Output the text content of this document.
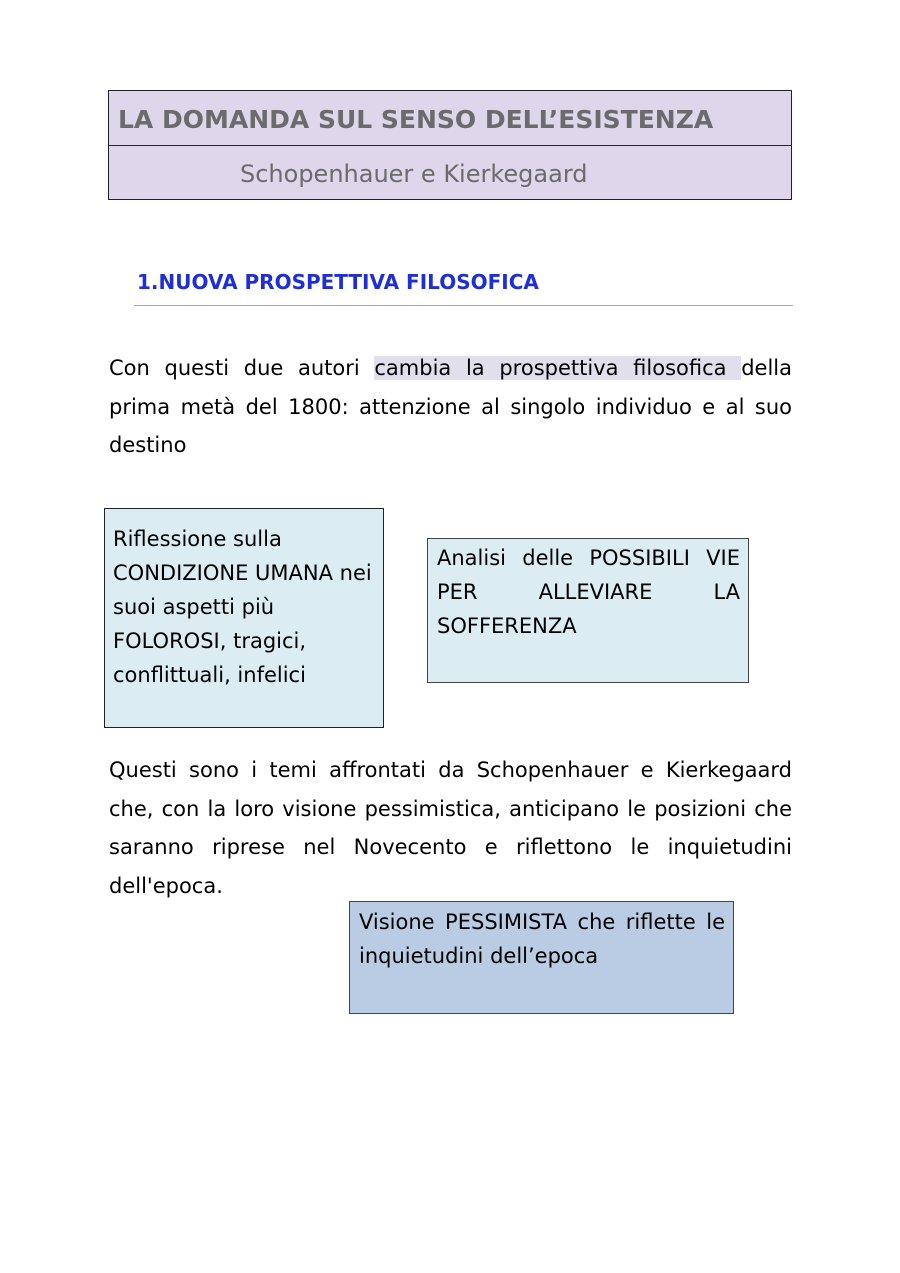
LA DOMANDA SUL SENSO DELL’ESISTENZA
Schopenhauer e Kierkegaard
1.NUOVA PROSPETTIVA FILOSOFICA

Con questi due autori cambia la prospettiva filosofica della prima metà del 1800: attenzione al singolo individuo e al suo destino

Riflessione sulla CONDIZIONE UMANA nei suoi aspetti più FOLOROSI, tragici, conflittuali, infelici
Analisi delle POSSIBILI VIE PER ALLEVIARE LA SOFFERENZA

Questi sono i temi affrontati da Schopenhauer e Kierkegaard che, con la loro visione pessimistica, anticipano le posizioni che saranno riprese nel Novecento e riflettono le inquietudini dell'epoca.

Visione PESSIMISTA che riflette le inquietudini dell’epoca
